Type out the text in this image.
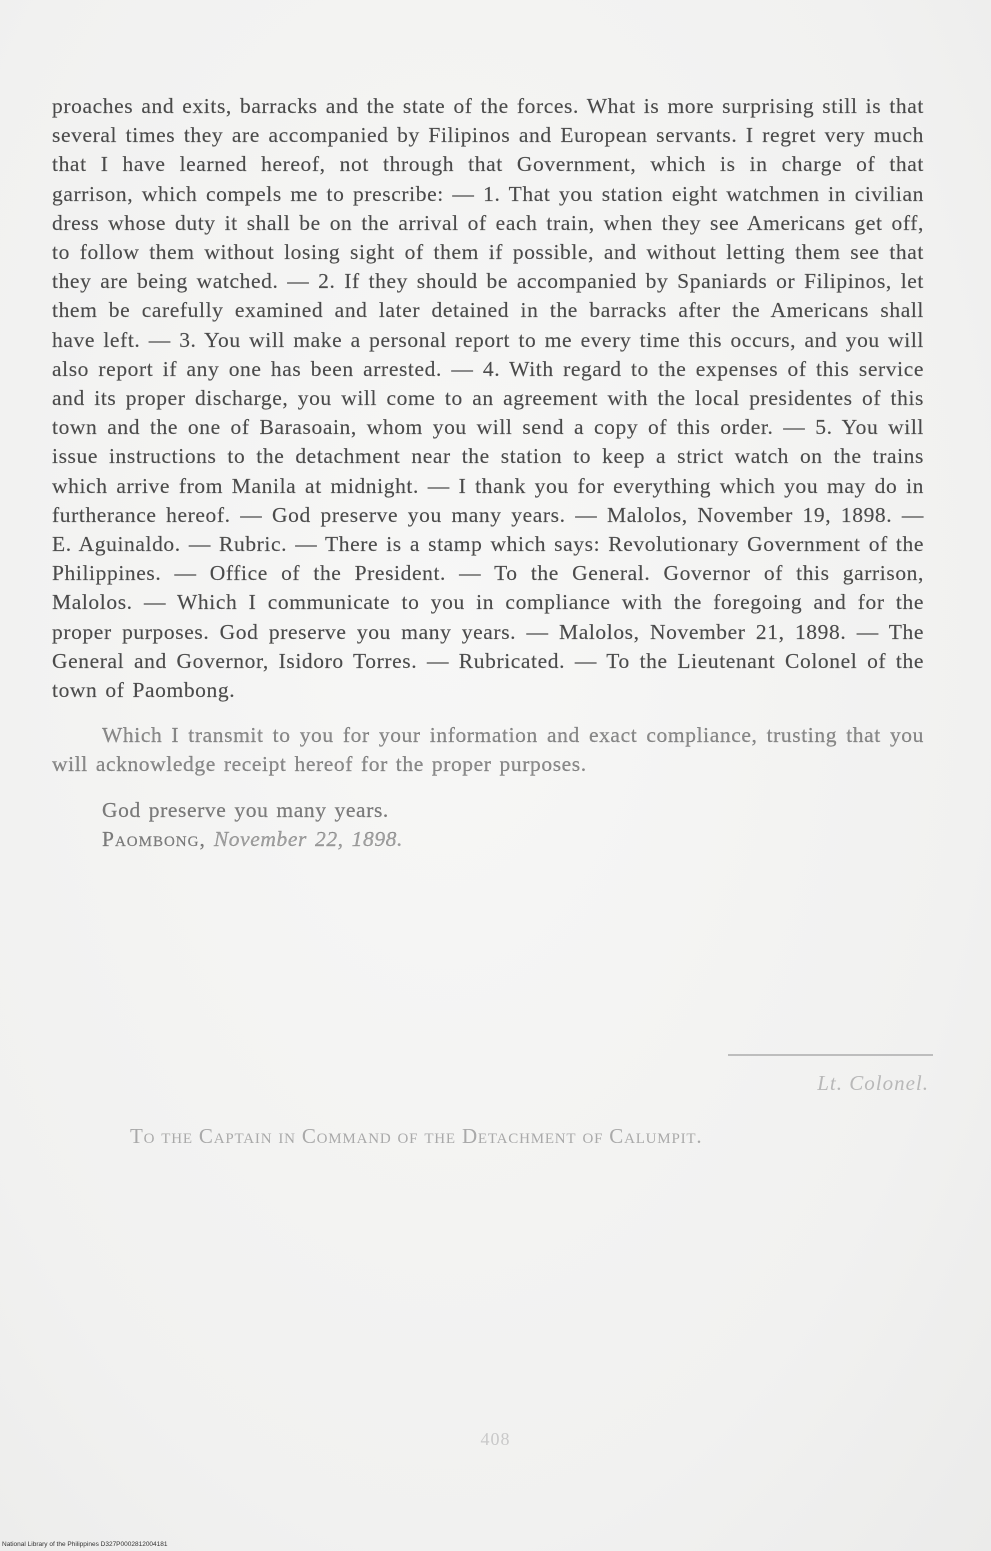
proaches and exits, barracks and the state of the forces. What is more surprising still is that several times they are accompanied by Filipinos and European servants. I regret very much that I have learned hereof, not through that Government, which is in charge of that garrison, which compels me to prescribe: — 1. That you station eight watchmen in civilian dress whose duty it shall be on the arrival of each train, when they see Americans get off, to follow them without losing sight of them if possible, and without letting them see that they are being watched. — 2. If they should be accompanied by Spaniards or Filipinos, let them be carefully examined and later detained in the barracks after the Americans shall have left. — 3. You will make a personal report to me every time this occurs, and you will also report if any one has been arrested. — 4. With regard to the expenses of this service and its proper discharge, you will come to an agreement with the local presidentes of this town and the one of Barasoain, whom you will send a copy of this order. — 5. You will issue instructions to the detachment near the station to keep a strict watch on the trains which arrive from Manila at midnight. — I thank you for everything which you may do in furtherance hereof. — God preserve you many years. — Malolos, November 19, 1898. — E. Aguinaldo. — Rubric. — There is a stamp which says: Revolutionary Government of the Philippines. — Office of the President. — To the General. Governor of this garrison, Malolos. — Which I communicate to you in compliance with the foregoing and for the proper purposes. God preserve you many years. — Malolos, November 21, 1898. — The General and Governor, Isidoro Torres. — Rubricated. — To the Lieutenant Colonel of the town of Paombong.

Which I transmit to you for your information and exact compliance, trusting that you will acknowledge receipt hereof for the proper purposes.

God preserve you many years.
Paombong, November 22, 1898.
Lt. Colonel.
To the Captain in Command of the Detachment of Calumpit.
408
National Library of the Philippines D327P0002812004181
